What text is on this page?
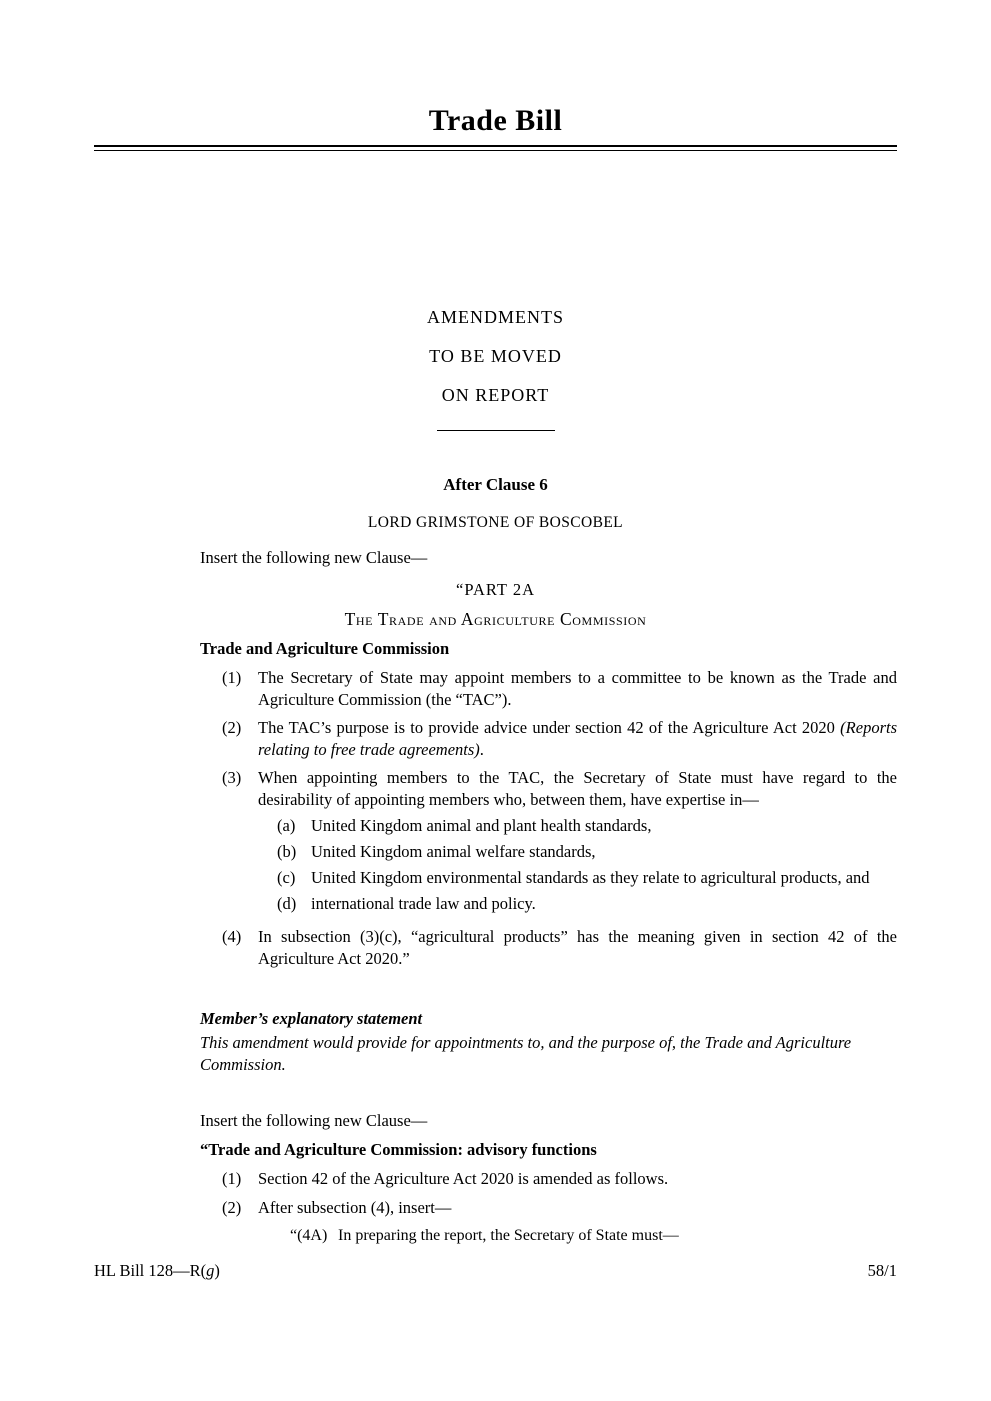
Trade Bill
AMENDMENTS
TO BE MOVED
ON REPORT
After Clause 6
LORD GRIMSTONE OF BOSCOBEL
Insert the following new Clause—
“PART 2A
The Trade and Agriculture Commission
Trade and Agriculture Commission
(1)	The Secretary of State may appoint members to a committee to be known as the Trade and Agriculture Commission (the “TAC”).
(2)	The TAC’s purpose is to provide advice under section 42 of the Agriculture Act 2020 (Reports relating to free trade agreements).
(3)	When appointing members to the TAC, the Secretary of State must have regard to the desirability of appointing members who, between them, have expertise in—
(a) United Kingdom animal and plant health standards,
(b) United Kingdom animal welfare standards,
(c) United Kingdom environmental standards as they relate to agricultural products, and
(d) international trade law and policy.
(4)	In subsection (3)(c), “agricultural products” has the meaning given in section 42 of the Agriculture Act 2020.”
Member’s explanatory statement
This amendment would provide for appointments to, and the purpose of, the Trade and Agriculture Commission.
Insert the following new Clause—
“Trade and Agriculture Commission: advisory functions
(1)	Section 42 of the Agriculture Act 2020 is amended as follows.
(2)	After subsection (4), insert—
“(4A) In preparing the report, the Secretary of State must—
HL Bill 128—R(g)	58/1
